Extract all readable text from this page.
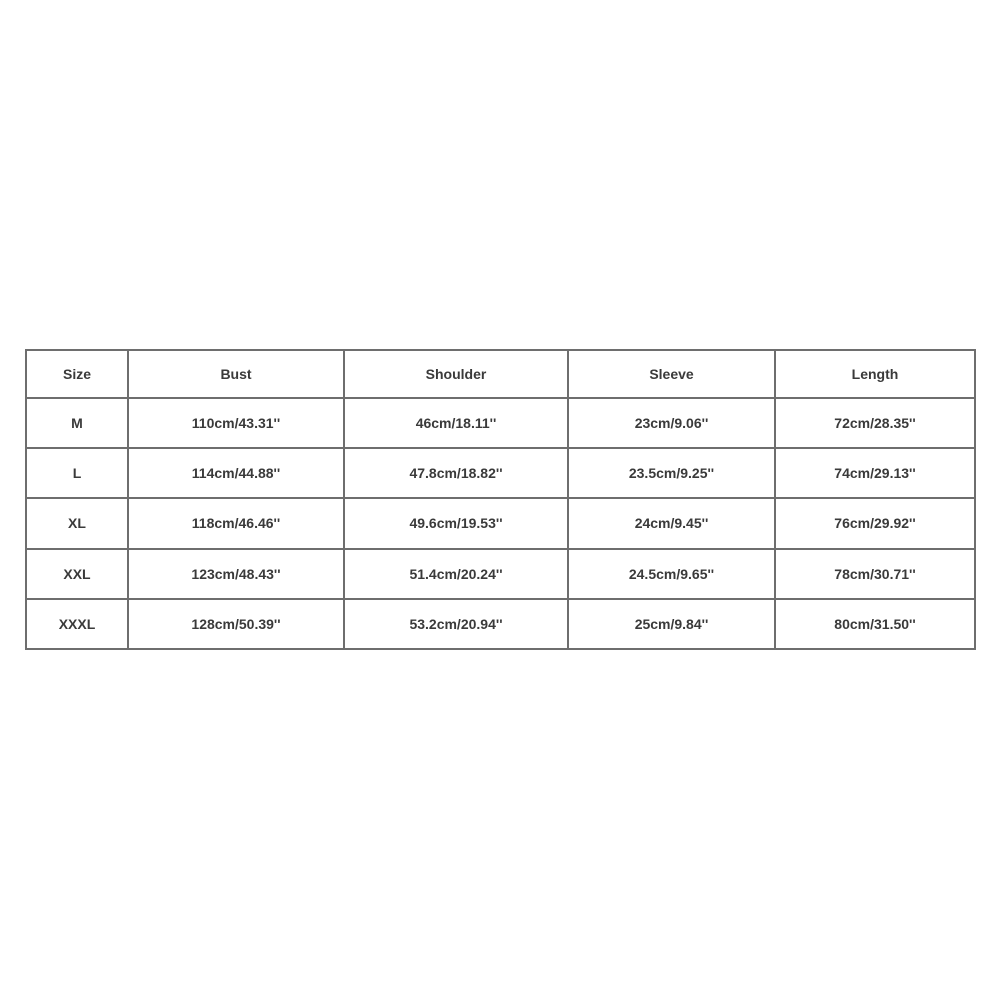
Size	Bust	Shoulder	Sleeve	Length
M	110cm/43.31''	46cm/18.11''	23cm/9.06''	72cm/28.35''
L	114cm/44.88''	47.8cm/18.82''	23.5cm/9.25''	74cm/29.13''
XL	118cm/46.46''	49.6cm/19.53''	24cm/9.45''	76cm/29.92''
XXL	123cm/48.43''	51.4cm/20.24''	24.5cm/9.65''	78cm/30.71''
XXXL	128cm/50.39''	53.2cm/20.94''	25cm/9.84''	80cm/31.50''
